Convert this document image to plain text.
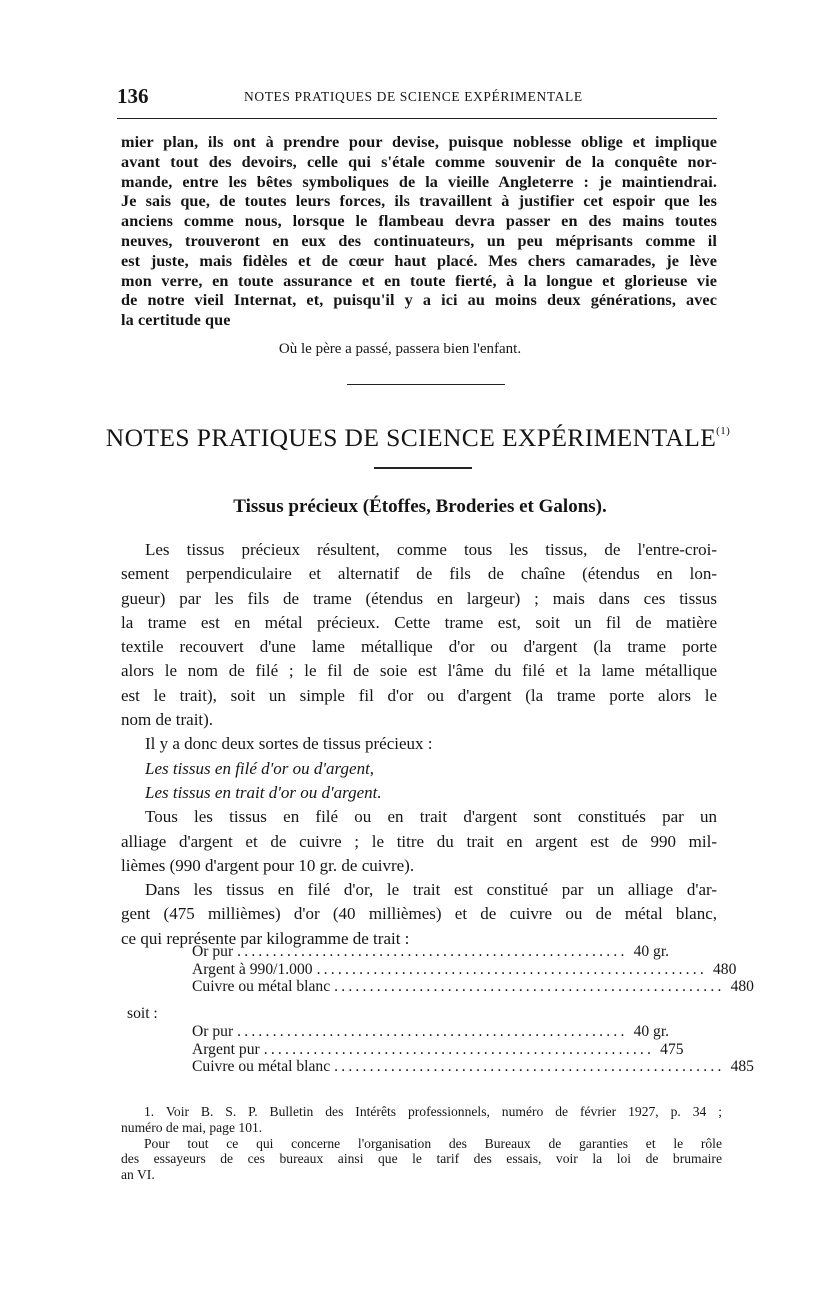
136	NOTES PRATIQUES DE SCIENCE EXPÉRIMENTALE
mier plan, ils ont à prendre pour devise, puisque noblesse oblige et implique
avant tout des devoirs, celle qui s'étale comme souvenir de la conquête nor-
mande, entre les bêtes symboliques de la vieille Angleterre : je maintiendrai.
Je sais que, de toutes leurs forces, ils travaillent à justifier cet espoir que les
anciens comme nous, lorsque le flambeau devra passer en des mains toutes
neuves, trouveront en eux des continuateurs, un peu méprisants comme il
est juste, mais fidèles et de cœur haut placé. Mes chers camarades, je lève
mon verre, en toute assurance et en toute fierté, à la longue et glorieuse vie
de notre vieil Internat, et, puisqu'il y a ici au moins deux générations, avec
la certitude que
Où le père a passé, passera bien l'enfant.
NOTES PRATIQUES DE SCIENCE EXPÉRIMENTALE$^{(1)}$
Tissus précieux (Étoffes, Broderies et Galons).
Les tissus précieux résultent, comme tous les tissus, de l'entre-croi-
sement perpendiculaire et alternatif de fils de chaîne (étendus en lon-
gueur) par les fils de trame (étendus en largeur) ; mais dans ces tissus
la trame est en métal précieux. Cette trame est, soit un fil de matière
textile recouvert d'une lame métallique d'or ou d'argent (la trame porte
alors le nom de filé ; le fil de soie est l'âme du filé et la lame métallique
est le trait), soit un simple fil d'or ou d'argent (la trame porte alors le
nom de trait).
Il y a donc deux sortes de tissus précieux :
Les tissus en filé d'or ou d'argent,
Les tissus en trait d'or ou d'argent.
Tous les tissus en filé ou en trait d'argent sont constitués par un
alliage d'argent et de cuivre ; le titre du trait en argent est de 990 mil-
lièmes (990 d'argent pour 10 gr. de cuivre).
Dans les tissus en filé d'or, le trait est constitué par un alliage d'ar-
gent (475 millièmes) d'or (40 millièmes) et de cuivre ou de métal blanc,
ce qui représente par kilogramme de trait :
Or pur ....................................................... 40 gr.
Argent à 990/1.000 ....................................................... 480
Cuivre ou métal blanc ....................................................... 480
soit :
Or pur ....................................................... 40 gr.
Argent pur ....................................................... 475
Cuivre ou métal blanc ....................................................... 485
1. Voir B. S. P. Bulletin des Intérêts professionnels, numéro de février 1927, p. 34 ;
numéro de mai, page 101.
Pour tout ce qui concerne l'organisation des Bureaux de garanties et le rôle
des essayeurs de ces bureaux ainsi que le tarif des essais, voir la loi de brumaire
an VI.
